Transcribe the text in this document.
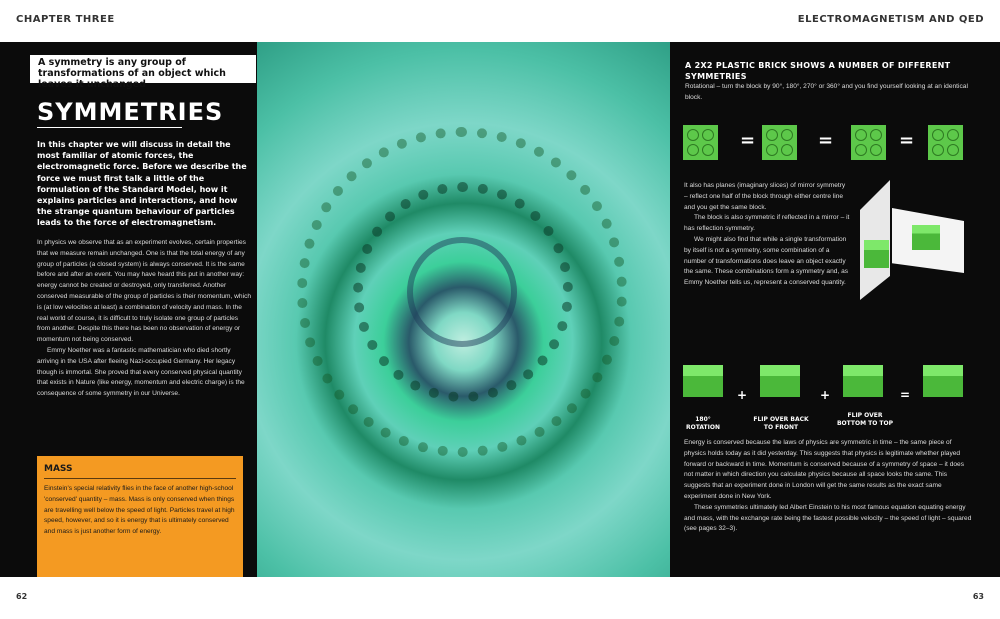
CHAPTER THREE	ELECTROMAGNETISM AND QED
A symmetry is any group of transformations of an object which leaves it unchanged
SYMMETRIES
In this chapter we will discuss in detail the most familiar of atomic forces, the electromagnetic force. Before we describe the force we must first talk a little of the formulation of the Standard Model, how it explains particles and interactions, and how the strange quantum behaviour of particles leads to the force of electromagnetism.

In physics we observe that as an experiment evolves, certain properties that we measure remain unchanged. One is that the total energy of any group of particles (a closed system) is always conserved. It is the same before and after an event. You may have heard this put in another way: energy cannot be created or destroyed, only transferred. Another conserved measurable of the group of particles is their momentum, which is (at low velocities at least) a combination of velocity and mass. In the real world of course, it is difficult to truly isolate one group of particles from another. Despite this there has been no observation of energy or momentum not being conserved.

Emmy Noether was a fantastic mathematician who died shortly arriving in the USA after fleeing Nazi-occupied Germany. Her legacy though is immortal. She proved that every conserved physical quantity that exists in Nature (like energy, momentum and electric charge) is the consequence of some symmetry in our Universe.

MASS

Einstein's special relativity flies in the face of another high-school 'conserved' quantity – mass. Mass is only conserved when things are travelling well below the speed of light. Particles travel at high speed, however, and so it is energy that is ultimately conserved and mass is just another form of energy.

A 2X2 PLASTIC BRICK SHOWS A NUMBER OF DIFFERENT SYMMETRIES
Rotational – turn the block by 90°, 180°, 270° or 360° and you find yourself looking at an identical block.
=	=	=

It also has planes (imaginary slices) of mirror symmetry – reflect one half of the block through either centre line and you get the same block.

The block is also symmetric if reflected in a mirror – it has reflection symmetry.

We might also find that while a single transformation by itself is not a symmetry, some combination of a number of transformations does leave an object exactly the same. These combinations form a symmetry and, as Emmy Noether tells us, represent a conserved quantity.

+	+	=
180° ROTATION
FLIP OVER BACK TO FRONT
FLIP OVER BOTTOM TO TOP

Energy is conserved because the laws of physics are symmetric in time – the same piece of physics holds today as it did yesterday. This suggests that physics is legitimate whether played forward or backward in time. Momentum is conserved because of a symmetry of space – it does not matter in which direction you calculate physics because all space looks the same. This suggests that an experiment done in London will get the same results as the exact same experiment done in New York.

These symmetries ultimately led Albert Einstein to his most famous equation equating energy and mass, with the exchange rate being the fastest possible velocity – the speed of light – squared (see pages 32–3).

62	63
